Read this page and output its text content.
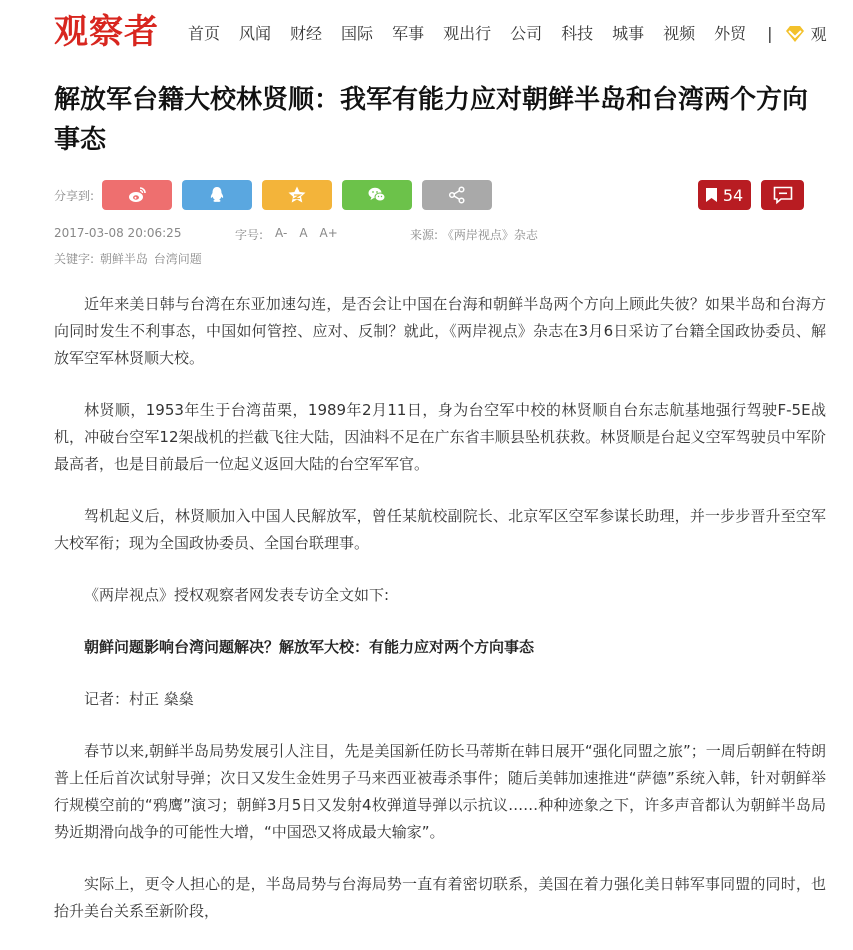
观察者 首页 风闻 财经 国际 军事 观出行 公司 科技 城事 视频 外贸 | 观
解放军台籍大校林贤顺：我军有能力应对朝鲜半岛和台湾两个方向事态
分享到:	54
2017-03-08 20:06:25	字号: A- A A+	来源: 《两岸视点》杂志
关键字: 朝鲜半岛 台湾问题

近年来美日韩与台湾在东亚加速勾连，是否会让中国在台海和朝鲜半岛两个方向上顾此失彼？如果半岛和台海方向同时发生不利事态，中国如何管控、应对、反制？就此，《两岸视点》杂志在3月6日采访了台籍全国政协委员、解放军空军林贤顺大校。

林贤顺，1953年生于台湾苗栗，1989年2月11日，身为台空军中校的林贤顺自台东志航基地强行驾驶F-5E战机，冲破台空军12架战机的拦截飞往大陆，因油料不足在广东省丰顺县坠机获救。林贤顺是台起义空军驾驶员中军阶最高者，也是目前最后一位起义返回大陆的台空军军官。

驾机起义后，林贤顺加入中国人民解放军，曾任某航校副院长、北京军区空军参谋长助理，并一步步晋升至空军大校军衔；现为全国政协委员、全国台联理事。

《两岸视点》授权观察者网发表专访全文如下:

朝鲜问题影响台湾问题解决？解放军大校：有能力应对两个方向事态

记者：村正 燊燊

春节以来,朝鲜半岛局势发展引人注目，先是美国新任防长马蒂斯在韩日展开“强化同盟之旅”；一周后朝鲜在特朗普上任后首次试射导弹；次日又发生金姓男子马来西亚被毒杀事件；随后美韩加速推进“萨德”系统入韩，针对朝鲜举行规模空前的“鸦鹰”演习；朝鲜3月5日又发射4枚弹道导弹以示抗议……种种迹象之下，许多声音都认为朝鲜半岛局势近期滑向战争的可能性大增，“中国恐又将成最大输家”。

实际上，更令人担心的是，半岛局势与台海局势一直有着密切联系，美国在着力强化美日韩军事同盟的同时，也抬升美台关系至新阶段，
